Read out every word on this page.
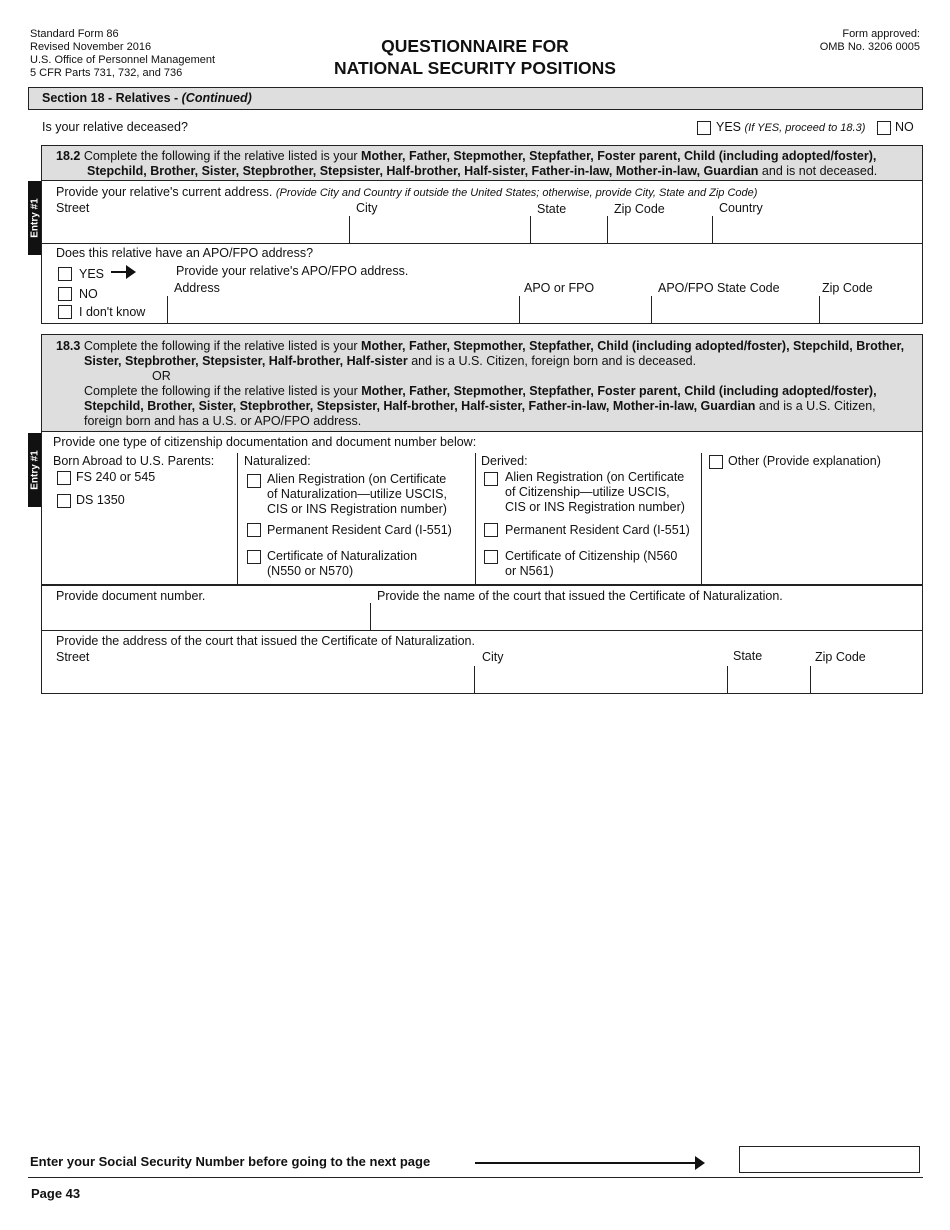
Standard Form 86
Revised November 2016
U.S. Office of Personnel Management
5 CFR Parts 731, 732, and 736
QUESTIONNAIRE FOR
NATIONAL SECURITY POSITIONS
Form approved:
OMB No. 3206 0005
Section 18 - Relatives - (Continued)
Is your relative deceased?	YES (If YES, proceed to 18.3) NO
18.2 Complete the following if the relative listed is your Mother, Father, Stepmother, Stepfather, Foster parent, Child (including adopted/foster),
Stepchild, Brother, Sister, Stepbrother, Stepsister, Half-brother, Half-sister, Father-in-law, Mother-in-law, Guardian and is not deceased.
Entry #1
Provide your relative's current address. (Provide City and Country if outside the United States; otherwise, provide City, State and Zip Code)
Street	City	State	Zip Code	Country
Does this relative have an APO/FPO address?
YES
NO
I don't know
Provide your relative's APO/FPO address.
Address	APO or FPO	APO/FPO State Code	Zip Code
18.3 Complete the following if the relative listed is your Mother, Father, Stepmother, Stepfather, Child (including adopted/foster), Stepchild, Brother,
Sister, Stepbrother, Stepsister, Half-brother, Half-sister and is a U.S. Citizen, foreign born and is deceased.
OR
Complete the following if the relative listed is your Mother, Father, Stepmother, Stepfather, Foster parent, Child (including adopted/foster),
Stepchild, Brother, Sister, Stepbrother, Stepsister, Half-brother, Half-sister, Father-in-law, Mother-in-law, Guardian and is a U.S. Citizen,
foreign born and has a U.S. or APO/FPO address.
Entry #1
Provide one type of citizenship documentation and document number below:
Born Abroad to U.S. Parents:
FS 240 or 545
DS 1350
Naturalized:
Alien Registration (on Certificate
of Naturalization—utilize USCIS,
CIS or INS Registration number)
Permanent Resident Card (I-551)
Certificate of Naturalization
(N550 or N570)
Derived:
Alien Registration (on Certificate
of Citizenship—utilize USCIS,
CIS or INS Registration number)
Permanent Resident Card (I-551)
Certificate of Citizenship (N560
or N561)
Other (Provide explanation)
Provide document number.	Provide the name of the court that issued the Certificate of Naturalization.
Provide the address of the court that issued the Certificate of Naturalization.
Street	City	State	Zip Code
Enter your Social Security Number before going to the next page
Page 43
